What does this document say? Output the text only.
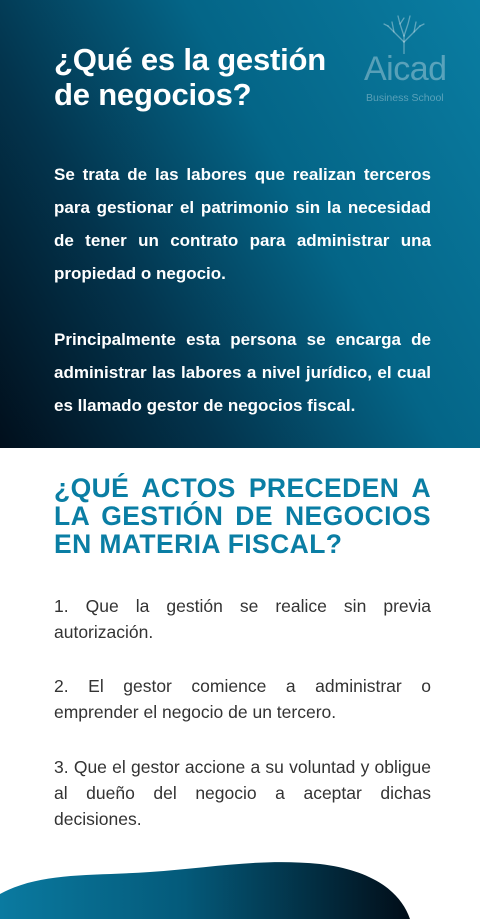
¿Qué es la gestión de negocios?
Aicad
Business School

Se trata de las labores que realizan terceros para gestionar el patrimonio sin la necesidad de tener un contrato para administrar una propiedad o negocio.

Principalmente esta persona se encarga de administrar las labores a nivel jurídico, el cual es llamado gestor de negocios fiscal.

¿QUÉ ACTOS PRECEDEN A LA GESTIÓN DE NEGOCIOS EN MATERIA FISCAL?

1. Que la gestión se realice sin previa autorización.

2. El gestor comience a administrar o emprender el negocio de un tercero.

3. Que el gestor accione a su voluntad y obligue al dueño del negocio a aceptar dichas decisiones.
